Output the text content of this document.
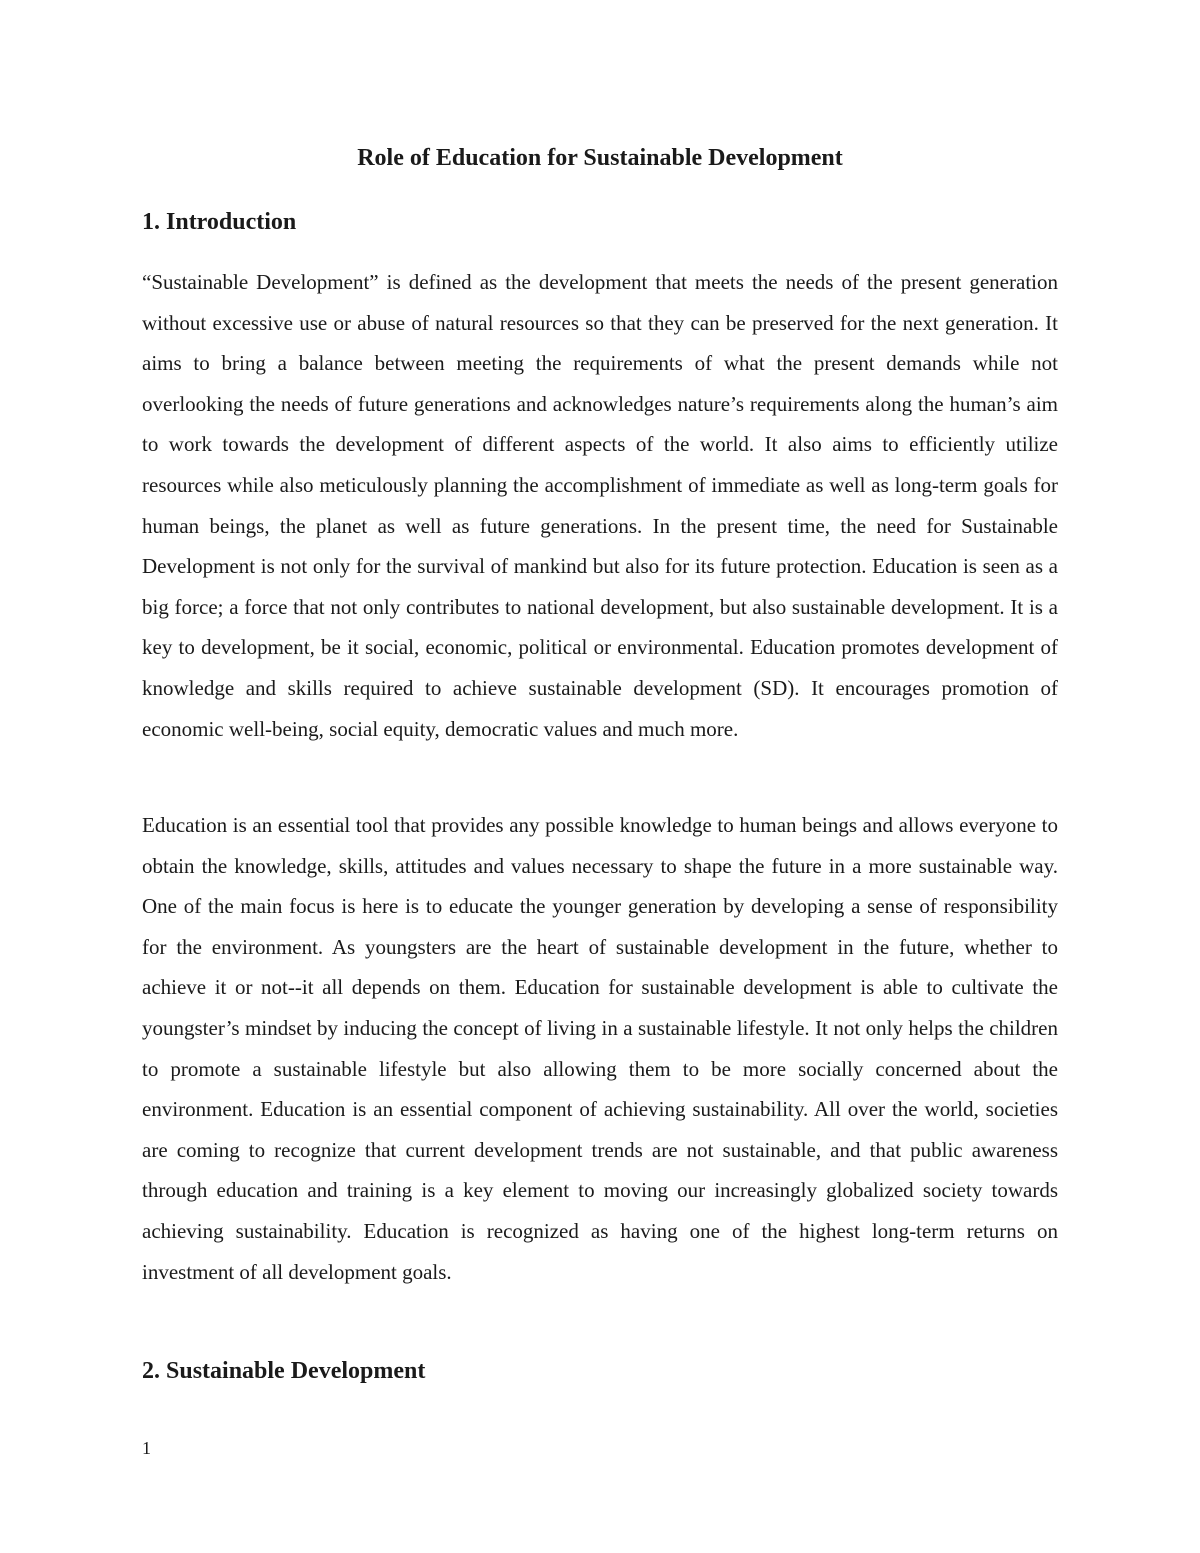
Role of Education for Sustainable Development
1. Introduction

“Sustainable Development” is defined as the development that meets the needs of the present generation without excessive use or abuse of natural resources so that they can be preserved for the next generation. It aims to bring a balance between meeting the requirements of what the present demands while not overlooking the needs of future generations and acknowledges nature’s requirements along the human’s aim to work towards the development of different aspects of the world. It also aims to efficiently utilize resources while also meticulously planning the accomplishment of immediate as well as long-term goals for human beings, the planet as well as future generations. In the present time, the need for Sustainable Development is not only for the survival of mankind but also for its future protection. Education is seen as a big force; a force that not only contributes to national development, but also sustainable development. It is a key to development, be it social, economic, political or environmental. Education promotes development of knowledge and skills required to achieve sustainable development (SD). It encourages promotion of economic well-being, social equity, democratic values and much more.

Education is an essential tool that provides any possible knowledge to human beings and allows everyone to obtain the knowledge, skills, attitudes and values necessary to shape the future in a more sustainable way. One of the main focus is here is to educate the younger generation by developing a sense of responsibility for the environment. As youngsters are the heart of sustainable development in the future, whether to achieve it or not--it all depends on them. Education for sustainable development is able to cultivate the youngster’s mindset by inducing the concept of living in a sustainable lifestyle. It not only helps the children to promote a sustainable lifestyle but also allowing them to be more socially concerned about the environment. Education is an essential component of achieving sustainability. All over the world, societies are coming to recognize that current development trends are not sustainable, and that public awareness through education and training is a key element to moving our increasingly globalized society towards achieving sustainability. Education is recognized as having one of the highest long-term returns on investment of all development goals.

2. Sustainable Development
1
